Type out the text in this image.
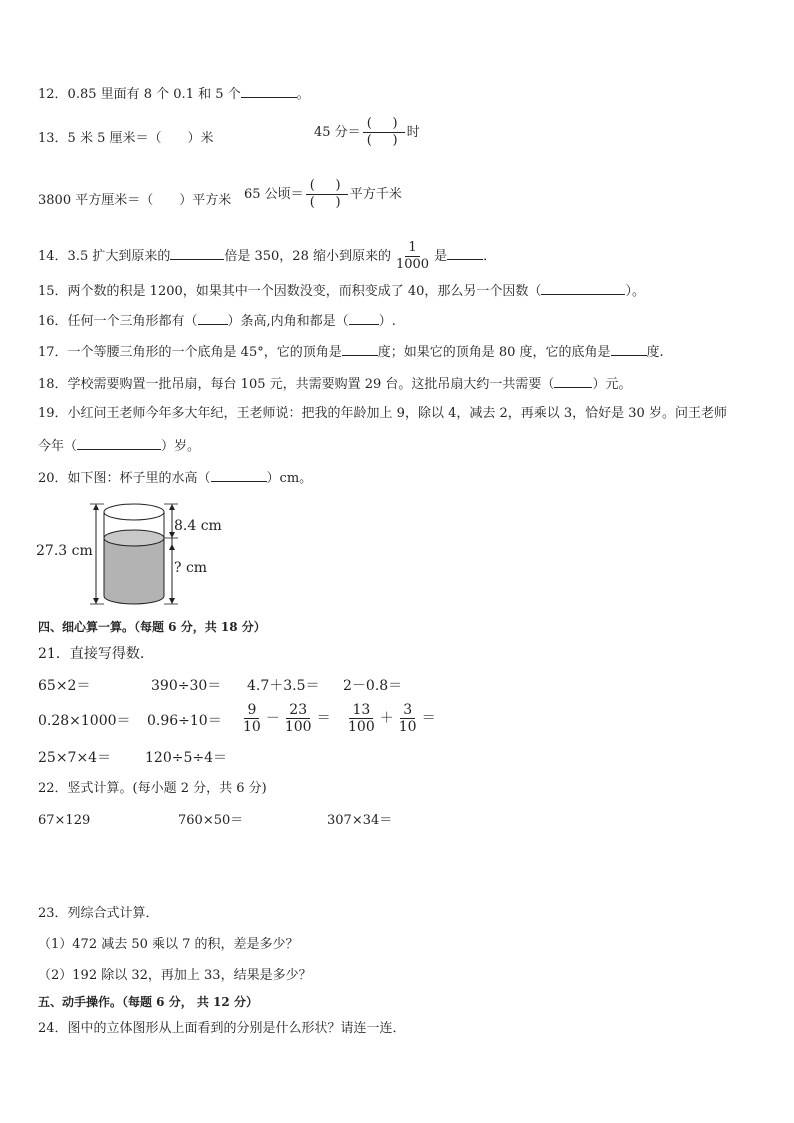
12．0.85 里面有 8 个 0.1 和 5 个	。
13．5 米 5 厘米＝（　　）米	45 分＝ $\frac{( )}{( )}$ 时
3800 平方厘米＝（　　）平方米 65 公顷＝ $\frac{( )}{( )}$ 平方千米
14．3.5 扩大到原来的	倍是 350，28 缩小到原来的 $\frac{1}{1000}$ 是	．
15．两个数的积是 1200，如果其中一个因数没变，而积变成了 40，那么另一个因数（	）。
16．任何一个三角形都有（ ）条高,内角和都是（ ）.
17．一个等腰三角形的一个底角是 45°，它的顶角是	度；如果它的顶角是 80 度，它的底角是	度.
18．学校需要购置一批吊扇，每台 105 元，共需要购置 29 台。这批吊扇大约一共需要（	）元。
19．小红问王老师今年多大年纪，王老师说：把我的年龄加上 9，除以 4，减去 2，再乘以 3，恰好是 30 岁。问王老师
今年（	）岁。
20．如下图：杯子里的水高（	）cm。
27.3 cm
8.4 cm
? cm
四、细心算一算。（每题 6 分，共 18 分）
21．直接写得数.
65×2＝	390÷30＝ 4.7＋3.5＝ 2－0.8＝
$0.28\times 1000= 0.96\div 10= \frac{9}{10} - \frac{23}{100} = \frac{13}{100} + \frac{3}{10}$ ＝
25×7×4＝ 120÷5÷4＝
22．竖式计算。(每小题 2 分，共 6 分)
67×129	760×50＝	307×34＝
23．列综合式计算．
（1）472 减去 50 乘以 7 的积，差是多少？
（2）192 除以 32，再加上 33，结果是多少？
五、动手操作。（每题 6 分， 共 12 分）
24．图中的立体图形从上面看到的分别是什么形状？请连一连．
